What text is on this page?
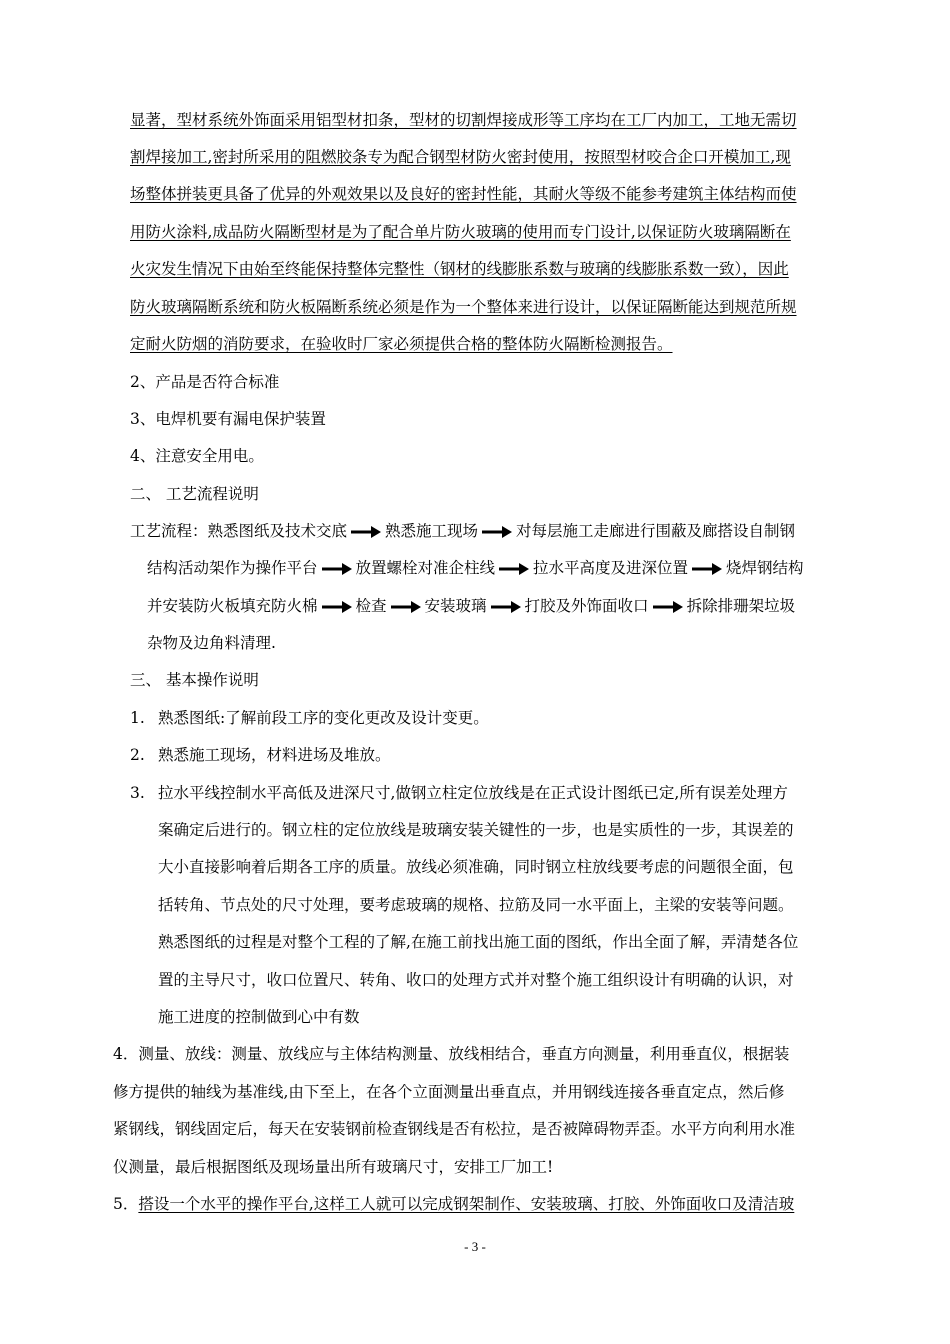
显著，型材系统外饰面采用铝型材扣条，型材的切割焊接成形等工序均在工厂内加工，工地无需切
割焊接加工,密封所采用的阻燃胶条专为配合钢型材防火密封使用，按照型材咬合企口开模加工,现
场整体拼装更具备了优异的外观效果以及良好的密封性能，其耐火等级不能参考建筑主体结构而使
用防火涂料,成品防火隔断型材是为了配合单片防火玻璃的使用而专门设计,以保证防火玻璃隔断在
火灾发生情况下由始至终能保持整体完整性（钢材的线膨胀系数与玻璃的线膨胀系数一致），因此
防火玻璃隔断系统和防火板隔断系统必须是作为一个整体来进行设计，以保证隔断能达到规范所规
定耐火防烟的消防要求，在验收时厂家必须提供合格的整体防火隔断检测报告。
2、产品是否符合标准
3、电焊机要有漏电保护装置
4、注意安全用电。
二、 工艺流程说明
工艺流程：熟悉图纸及技术交底 熟悉施工现场 对每层施工走廊进行围蔽及廊搭设自制钢
结构活动架作为操作平台 放置螺栓对准企柱线 拉水平高度及进深位置 烧焊钢结构
并安装防火板填充防火棉 检查 安装玻璃 打胶及外饰面收口 拆除排珊架垃圾
杂物及边角料清理.
三、 基本操作说明
1. 熟悉图纸:了解前段工序的变化更改及设计变更。
2. 熟悉施工现场，材料进场及堆放。
3. 拉水平线控制水平高低及进深尺寸,做钢立柱定位放线是在正式设计图纸已定,所有误差处理方
案确定后进行的。钢立柱的定位放线是玻璃安装关键性的一步，也是实质性的一步，其误差的
大小直接影响着后期各工序的质量。放线必须准确，同时钢立柱放线要考虑的问题很全面，包
括转角、节点处的尺寸处理，要考虑玻璃的规格、拉筋及同一水平面上，主梁的安装等问题。
熟悉图纸的过程是对整个工程的了解,在施工前找出施工面的图纸，作出全面了解，弄清楚各位
置的主导尺寸，收口位置尺、转角、收口的处理方式并对整个施工组织设计有明确的认识，对
施工进度的控制做到心中有数
4．测量、放线：测量、放线应与主体结构测量、放线相结合，垂直方向测量，利用垂直仪，根据装
修方提供的轴线为基准线,由下至上，在各个立面测量出垂直点，并用钢线连接各垂直定点，然后修
紧钢线，钢线固定后，每天在安装钢前检查钢线是否有松拉，是否被障碍物弄歪。水平方向利用水准
仪测量，最后根据图纸及现场量出所有玻璃尺寸，安排工厂加工!
5．搭设一个水平的操作平台,这样工人就可以完成钢架制作、安装玻璃、打胶、外饰面收口及清洁玻
- 3 -
